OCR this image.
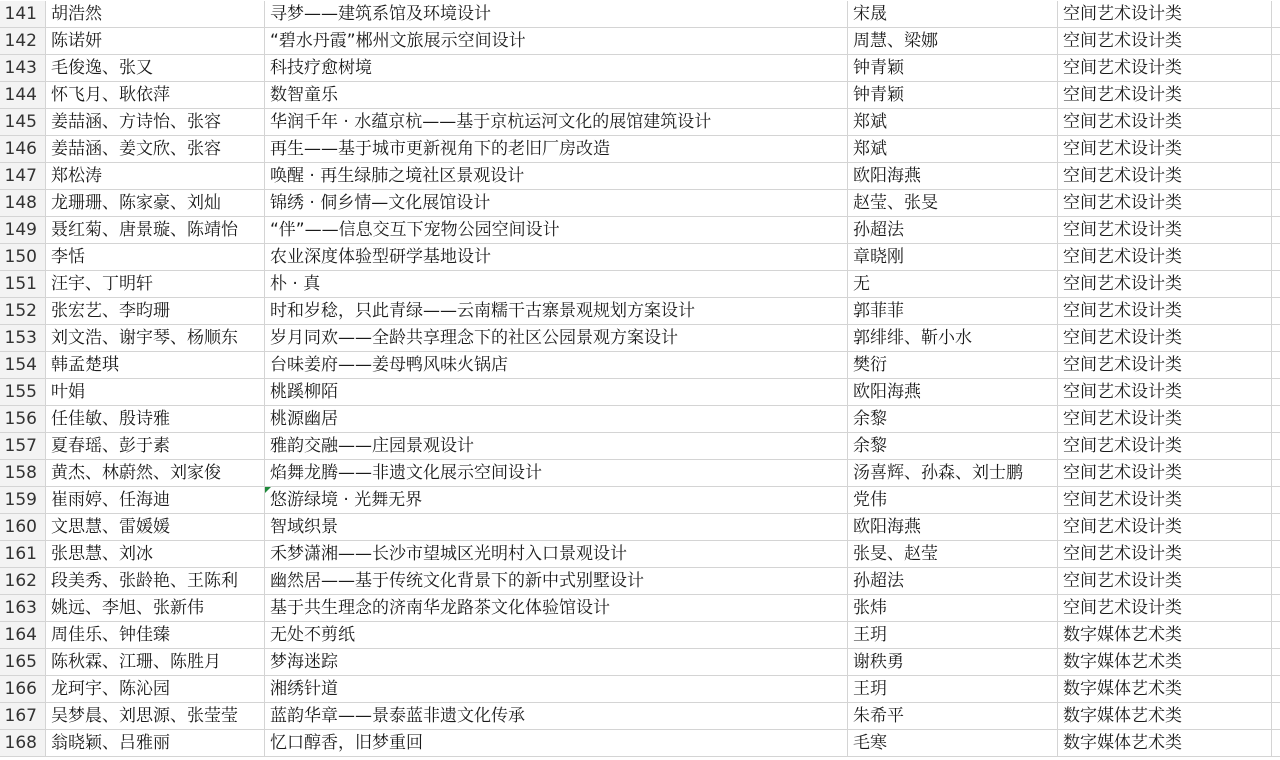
141 胡浩然	寻梦——建筑系馆及环境设计	宋晟	空间艺术设计类
142 陈诺妍	“碧水丹霞”郴州文旅展示空间设计	周慧、梁娜	空间艺术设计类
143 毛俊逸、张又	科技疗愈树境	钟青颖	空间艺术设计类
144 怀飞月、耿依萍	数智童乐	钟青颖	空间艺术设计类
145 姜喆涵、方诗怡、张容	华润千年 · 水蕴京杭——基于京杭运河文化的展馆建筑设计	郑斌	空间艺术设计类
146 姜喆涵、姜文欣、张容	再生——基于城市更新视角下的老旧厂房改造	郑斌	空间艺术设计类
147 郑松涛	唤醒 · 再生绿肺之境社区景观设计	欧阳海燕	空间艺术设计类
148 龙珊珊、陈家豪、刘灿	锦绣 · 侗乡情—文化展馆设计	赵莹、张旻	空间艺术设计类
149 聂红菊、唐景璇、陈靖怡	“伴”——信息交互下宠物公园空间设计	孙超法	空间艺术设计类
150 李恬	农业深度体验型研学基地设计	章晓刚	空间艺术设计类
151 汪宇、丁明轩	朴 · 真	无	空间艺术设计类
152 张宏艺、李昀珊	时和岁稔，只此青绿——云南糯干古寨景观规划方案设计	郭菲菲	空间艺术设计类
153 刘文浩、谢宇琴、杨顺东	岁月同欢——全龄共享理念下的社区公园景观方案设计	郭绯绯、靳小水	空间艺术设计类
154 韩孟楚琪	台味姜府——姜母鸭风味火锅店	樊衍	空间艺术设计类
155 叶娟	桃蹊柳陌	欧阳海燕	空间艺术设计类
156 任佳敏、殷诗雅	桃源幽居	余黎	空间艺术设计类
157 夏春瑶、彭于素	雅韵交融——庄园景观设计	余黎	空间艺术设计类
158 黄杰、林蔚然、刘家俊	焰舞龙腾——非遗文化展示空间设计	汤喜辉、孙森、刘士鹏	空间艺术设计类
159 崔雨婷、任海迪	悠游绿境 · 光舞无界	党伟	空间艺术设计类
160 文思慧、雷媛媛	智域织景	欧阳海燕	空间艺术设计类
161 张思慧、刘冰	禾梦潇湘——长沙市望城区光明村入口景观设计	张旻、赵莹	空间艺术设计类
162 段美秀、张龄艳、王陈利	幽然居——基于传统文化背景下的新中式别墅设计	孙超法	空间艺术设计类
163 姚远、李旭、张新伟	基于共生理念的济南华龙路茶文化体验馆设计	张炜	空间艺术设计类
164 周佳乐、钟佳臻	无处不剪纸	王玥	数字媒体艺术类
165 陈秋霖、江珊、陈胜月	梦海迷踪	谢秩勇	数字媒体艺术类
166 龙珂宇、陈沁园	湘绣针道	王玥	数字媒体艺术类
167 吴梦晨、刘思源、张莹莹	蓝韵华章——景泰蓝非遗文化传承	朱希平	数字媒体艺术类
168 翁晓颖、吕雅丽	忆口醇香，旧梦重回	毛寒	数字媒体艺术类
